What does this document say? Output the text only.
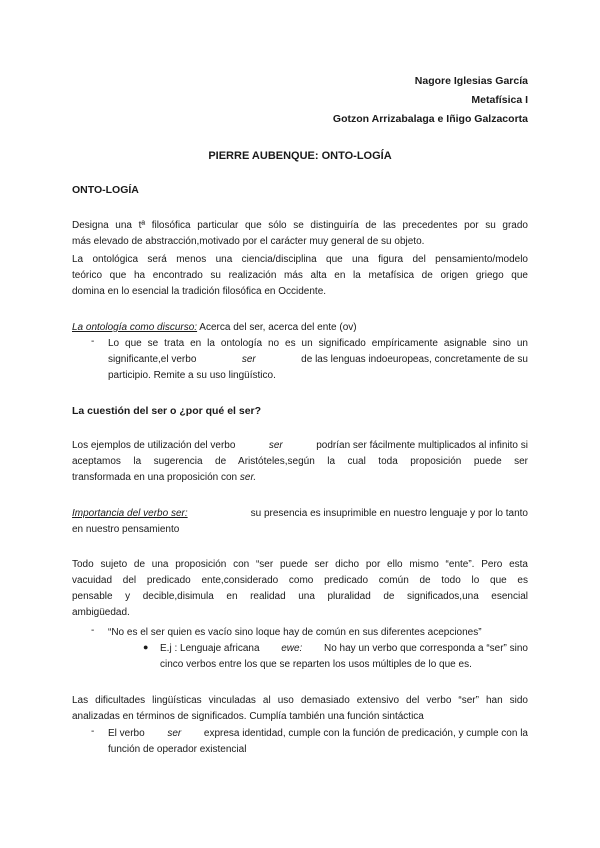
Nagore Iglesias García
Metafísica I
Gotzon Arrizabalaga e Iñigo Galzacorta
PIERRE AUBENQUE: ONTO-LOGÍA
ONTO-LOGÍA
Designa una tª filosófica particular que sólo se distinguiría de las precedentes por su grado
más elevado de abstracción,motivado por el carácter muy general de su objeto.
La ontológica será menos una ciencia/disciplina que una figura del pensamiento/modelo
teórico que ha encontrado su realización más alta en la metafísica de origen griego que
domina en lo esencial la tradición filosófica en Occidente.
La ontología como discurso: Acerca del ser, acerca del ente (ov)
- Lo que se trata en la ontología no es un significado empíricamente asignable sino un
significante,el verbo	ser	de las lenguas indoeuropeas, concretamente de su
participio. Remite a su uso lingüístico.
La cuestión del ser o ¿por qué el ser?
Los ejemplos de utilización del verbo	ser	podrían ser fácilmente multiplicados al infinito si
aceptamos la sugerencia de Aristóteles,según la cual toda proposición puede ser
transformada en una proposición con ser.
Importancia del verbo ser:	su presencia es insuprimible en nuestro lenguaje y por lo tanto
en nuestro pensamiento
Todo sujeto de una proposición con “ser puede ser dicho por ello mismo “ente”. Pero esta
vacuidad del predicado ente,considerado como predicado común de todo lo que es
pensable y decible,disimula en realidad una pluralidad de significados,una esencial
ambigüedad.
- “No es el ser quien es vacío sino loque hay de común en sus diferentes acepciones”
● E.j : Lenguaje africana ewe: No hay un verbo que corresponda a “ser” sino
cinco verbos entre los que se reparten los usos múltiples de lo que es.
Las dificultades lingüísticas vinculadas al uso demasiado extensivo del verbo “ser” han sido
analizadas en términos de significados. Cumplía también una función sintáctica
- El verbo ser expresa identidad, cumple con la función de predicación, y cumple con la
función de operador existencial
